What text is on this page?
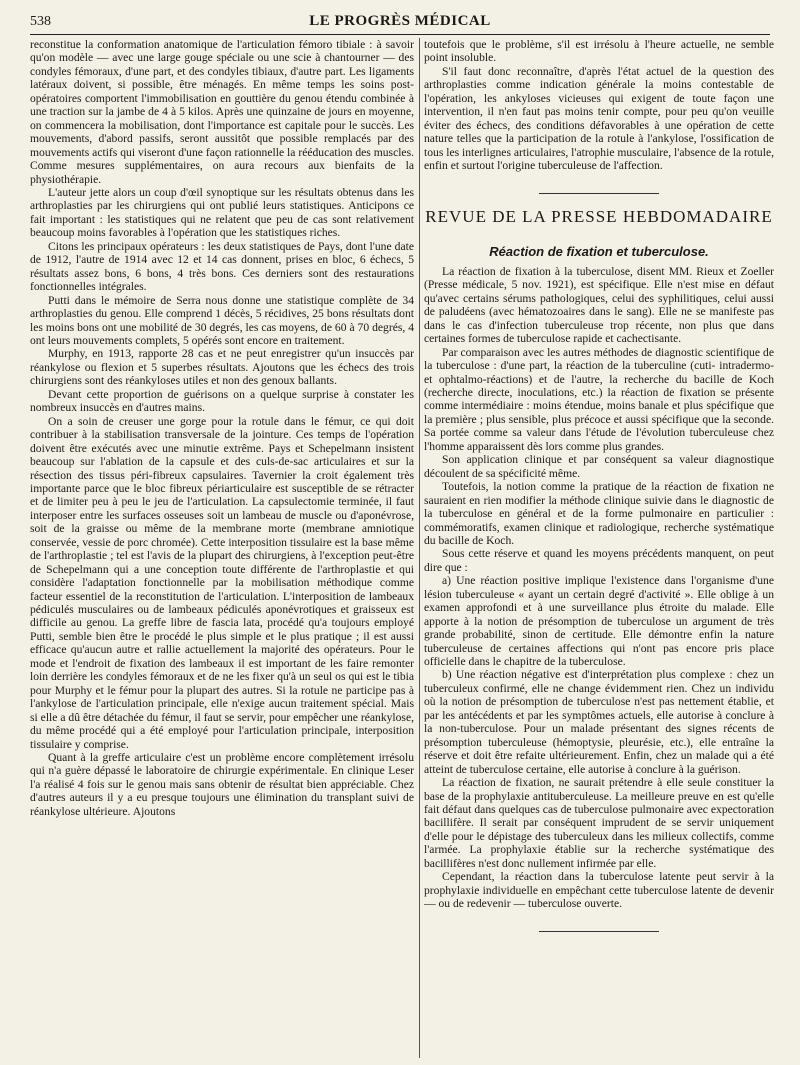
538	LE PROGRÈS MÉDICAL

reconstitue la conformation anatomique de l'articulation fémoro tibiale : à savoir qu'on modèle — avec une large gouge spéciale ou une scie à chantourner — des condyles fémoraux, d'une part, et des condyles tibiaux, d'autre part. Les ligaments latéraux doivent, si possible, être ménagés. En même temps les soins post-opératoires comportent l'immobilisation en gouttière du genou étendu combinée à une traction sur la jambe de 4 à 5 kilos. Après une quinzaine de jours en moyenne, on commencera la mobilisation, dont l'importance est capitale pour le succès. Les mouvements, d'abord passifs, seront aussitôt que possible remplacés par des mouvements actifs qui viseront d'une façon rationnelle la rééducation des muscles. Comme mesures supplémentaires, on aura recours aux bienfaits de la physiothérapie.

L'auteur jette alors un coup d'œil synoptique sur les résultats obtenus dans les arthroplasties par les chirurgiens qui ont publié leurs statistiques. Anticipons ce fait important : les statistiques qui ne relatent que peu de cas sont relativement beaucoup moins favorables à l'opération que les statistiques riches.

Citons les principaux opérateurs : les deux statistiques de Pays, dont l'une date de 1912, l'autre de 1914 avec 12 et 14 cas donnent, prises en bloc, 6 échecs, 5 résultats assez bons, 6 bons, 4 très bons. Ces derniers sont des restaurations fonctionnelles intégrales.

Putti dans le mémoire de Serra nous donne une statistique complète de 34 arthroplasties du genou. Elle comprend 1 décès, 5 récidives, 25 bons résultats dont les moins bons ont une mobilité de 30 degrés, les cas moyens, de 60 à 70 degrés, 4 ont leurs mouvements complets, 5 opérés sont encore en traitement.

Murphy, en 1913, rapporte 28 cas et ne peut enregistrer qu'un insuccès par réankylose ou flexion et 5 superbes résultats. Ajoutons que les échecs des trois chirurgiens sont des réankyloses utiles et non des genoux ballants.

Devant cette proportion de guérisons on a quelque surprise à constater les nombreux insuccès en d'autres mains.

On a soin de creuser une gorge pour la rotule dans le fémur, ce qui doit contribuer à la stabilisation transversale de la jointure. Ces temps de l'opération doivent être exécutés avec une minutie extrême. Pays et Schepelmann insistent beaucoup sur l'ablation de la capsule et des culs-de-sac articulaires et sur la résection des tissus péri-fibreux capsulaires. Tavernier la croit également très importante parce que le bloc fibreux périarticulaire est susceptible de se rétracter et de limiter peu à peu le jeu de l'articulation. La capsulectomie terminée, il faut interposer entre les surfaces osseuses soit un lambeau de muscle ou d'aponévrose, soit de la graisse ou même de la membrane morte (membrane amniotique conservée, vessie de porc chromée). Cette interposition tissulaire est la base même de l'arthroplastie ; tel est l'avis de la plupart des chirurgiens, à l'exception peut-être de Schepelmann qui a une conception toute différente de l'arthroplastie et qui considère l'adaptation fonctionnelle par la mobilisation méthodique comme facteur essentiel de la reconstitution de l'articulation. L'interposition de lambeaux pédiculés musculaires ou de lambeaux pédiculés aponévrotiques et graisseux est difficile au genou. La greffe libre de fascia lata, procédé qu'a toujours employé Putti, semble bien être le procédé le plus simple et le plus pratique ; il est aussi efficace qu'aucun autre et rallie actuellement la majorité des opérateurs. Pour le mode et l'endroit de fixation des lambeaux il est important de les faire remonter loin derrière les condyles fémoraux et de ne les fixer qu'à un seul os qui est le tibia pour Murphy et le fémur pour la plupart des autres. Si la rotule ne participe pas à l'ankylose de l'articulation principale, elle n'exige aucun traitement spécial. Mais si elle a dû être détachée du fémur, il faut se servir, pour empêcher une réankylose, du même procédé qui a été employé pour l'articulation principale, interposition tissulaire y comprise.

Quant à la greffe articulaire c'est un problème encore complètement irrésolu qui n'a guère dépassé le laboratoire de chirurgie expérimentale. En clinique Leser l'a réalisé 4 fois sur le genou mais sans obtenir de résultat bien appréciable. Chez d'autres auteurs il y a eu presque toujours une élimination du transplant suivi de réankylose ultérieure. Ajoutons

toutefois que le problème, s'il est irrésolu à l'heure actuelle, ne semble point insoluble.

S'il faut donc reconnaître, d'après l'état actuel de la question des arthroplasties comme indication générale la moins contestable de l'opération, les ankyloses vicieuses qui exigent de toute façon une intervention, il n'en faut pas moins tenir compte, pour peu qu'on veuille éviter des échecs, des conditions défavorables à une opération de cette nature telles que la participation de la rotule à l'ankylose, l'ossification de tous les interlignes articulaires, l'atrophie musculaire, l'absence de la rotule, enfin et surtout l'origine tuberculeuse de l'affection.

REVUE DE LA PRESSE HEBDOMADAIRE
Réaction de fixation et tuberculose.

La réaction de fixation à la tuberculose, disent MM. Rieux et Zoeller (Presse médicale, 5 nov. 1921), est spécifique. Elle n'est mise en défaut qu'avec certains sérums pathologiques, celui des syphilitiques, celui aussi de paludéens (avec hématozoaires dans le sang). Elle ne se manifeste pas dans le cas d'infection tuberculeuse trop récente, non plus que dans certaines formes de tuberculose rapide et cachectisante.

Par comparaison avec les autres méthodes de diagnostic scientifique de la tuberculose : d'une part, la réaction de la tuberculine (cuti- intradermo- et ophtalmo-réactions) et de l'autre, la recherche du bacille de Koch (recherche directe, inoculations, etc.) la réaction de fixation se présente comme intermédiaire : moins étendue, moins banale et plus spécifique que la première ; plus sensible, plus précoce et aussi spécifique que la seconde. Sa portée comme sa valeur dans l'étude de l'évolution tuberculeuse chez l'homme apparaissent dès lors comme plus grandes.

Son application clinique et par conséquent sa valeur diagnostique découlent de sa spécificité même.

Toutefois, la notion comme la pratique de la réaction de fixation ne sauraient en rien modifier la méthode clinique suivie dans le diagnostic de la tuberculose en général et de la forme pulmonaire en particulier : commémoratifs, examen clinique et radiologique, recherche systématique du bacille de Koch.

Sous cette réserve et quand les moyens précédents manquent, on peut dire que :

a) Une réaction positive implique l'existence dans l'organisme d'une lésion tuberculeuse « ayant un certain degré d'activité ». Elle oblige à un examen approfondi et à une surveillance plus étroite du malade. Elle apporte à la notion de présomption de tuberculose un argument de très grande probabilité, sinon de certitude. Elle démontre enfin la nature tuberculeuse de certaines affections qui n'ont pas encore pris place officielle dans le chapitre de la tuberculose.

b) Une réaction négative est d'interprétation plus complexe : chez un tuberculeux confirmé, elle ne change évidemment rien. Chez un individu où la notion de présomption de tuberculose n'est pas nettement établie, et par les antécédents et par les symptômes actuels, elle autorise à conclure à la non-tuberculose. Pour un malade présentant des signes récents de présomption tuberculeuse (hémoptysie, pleurésie, etc.), elle entraîne la réserve et doit être refaite ultérieurement. Enfin, chez un malade qui a été atteint de tuberculose certaine, elle autorise à conclure à la guérison.

La réaction de fixation, ne saurait prétendre à elle seule constituer la base de la prophylaxie antituberculeuse. La meilleure preuve en est qu'elle fait défaut dans quelques cas de tuberculose pulmonaire avec expectoration bacillifère. Il serait par conséquent imprudent de se servir uniquement d'elle pour le dépistage des tuberculeux dans les milieux collectifs, comme l'armée. La prophylaxie établie sur la recherche systématique des bacillifères n'est donc nullement infirmée par elle.

Cependant, la réaction dans la tuberculose latente peut servir à la prophylaxie individuelle en empêchant cette tuberculose latente de devenir — ou de redevenir — tuberculose ouverte.
